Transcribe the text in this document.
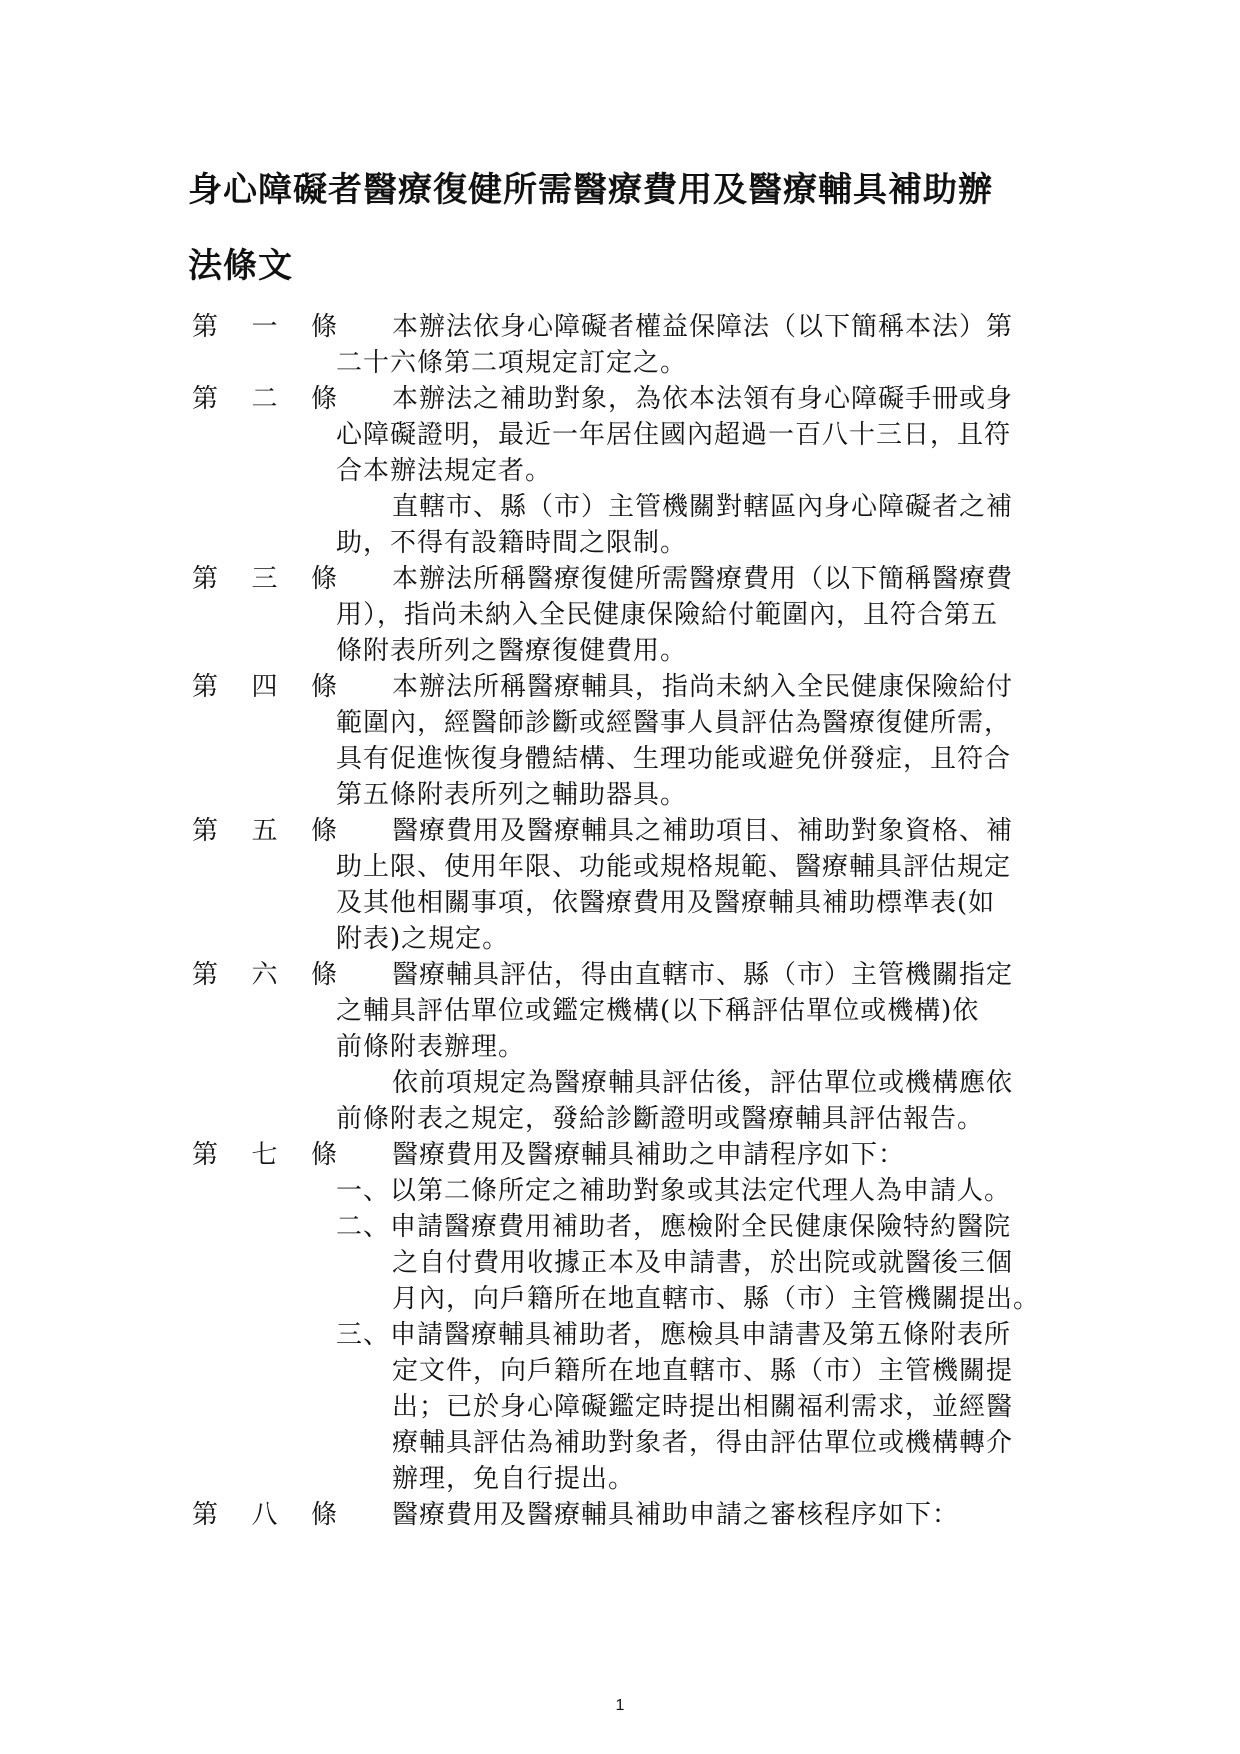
身心障礙者醫療復健所需醫療費用及醫療輔具補助辦
法條文
第 一 條 本辦法依身心障礙者權益保障法（以下簡稱本法）第
二十六條第二項規定訂定之。
第 二 條 本辦法之補助對象，為依本法領有身心障礙手冊或身
心障礙證明，最近一年居住國內超過一百八十三日，且符
合本辦法規定者。
直轄市、縣（市）主管機關對轄區內身心障礙者之補
助，不得有設籍時間之限制。
第 三 條 本辦法所稱醫療復健所需醫療費用（以下簡稱醫療費
用），指尚未納入全民健康保險給付範圍內，且符合第五
條附表所列之醫療復健費用。
第 四 條 本辦法所稱醫療輔具，指尚未納入全民健康保險給付
範圍內，經醫師診斷或經醫事人員評估為醫療復健所需，
具有促進恢復身體結構、生理功能或避免併發症，且符合
第五條附表所列之輔助器具。
第 五 條 醫療費用及醫療輔具之補助項目、補助對象資格、補
助上限、使用年限、功能或規格規範、醫療輔具評估規定
及其他相關事項，依醫療費用及醫療輔具補助標準表(如
附表)之規定。
第 六 條 醫療輔具評估，得由直轄市、縣（市）主管機關指定
之輔具評估單位或鑑定機構(以下稱評估單位或機構)依
前條附表辦理。
依前項規定為醫療輔具評估後，評估單位或機構應依
前條附表之規定，發給診斷證明或醫療輔具評估報告。
第 七 條 醫療費用及醫療輔具補助之申請程序如下：
一、以第二條所定之補助對象或其法定代理人為申請人。
二、申請醫療費用補助者，應檢附全民健康保險特約醫院
之自付費用收據正本及申請書，於出院或就醫後三個
月內，向戶籍所在地直轄市、縣（市）主管機關提出。
三、申請醫療輔具補助者，應檢具申請書及第五條附表所
定文件，向戶籍所在地直轄市、縣（市）主管機關提
出；已於身心障礙鑑定時提出相關福利需求，並經醫
療輔具評估為補助對象者，得由評估單位或機構轉介
辦理，免自行提出。
第 八 條 醫療費用及醫療輔具補助申請之審核程序如下：
1
